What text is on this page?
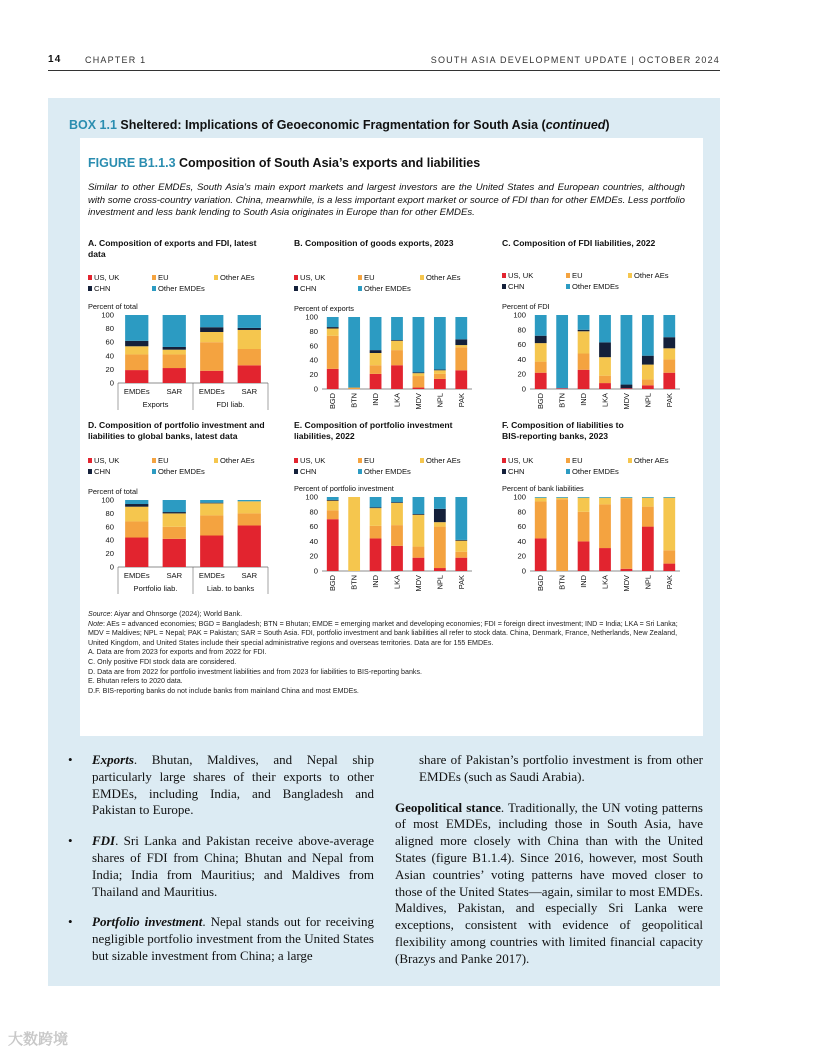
14	CHAPTER 1	SOUTH ASIA DEVELOPMENT UPDATE | OCTOBER 2024
BOX 1.1 Sheltered: Implications of Geoeconomic Fragmentation for South Asia (continued)
FIGURE B1.1.3 Composition of South Asia’s exports and liabilities
Similar to other EMDEs, South Asia’s main export markets and largest investors are the United States and European countries, although with some cross-country variation. China, meanwhile, is a less important export market or source of FDI than for other EMDEs. Less portfolio investment and less bank lending to South Asia originates in Europe than for other EMDEs.
A. Composition of exports and FDI, latest
data
US, UK	EU	Other AEs
CHN	Other EMDEs
Percent of total
0
20
40
60
80
100
EMDEs SAR EMDEs SAR
Exports	FDI liab.
B. Composition of goods exports, 2023
US, UK	EU	Other AEs
CHN	Other EMDEs
Percent of exports
0
20
40
60
80
100
BGD BTN IND LKA MDV NPL PAK
C. Composition of FDI liabilities, 2022
US, UK	EU	Other AEs
CHN	Other EMDEs
Percent of FDI
0
20
40
60
80
100
BGD BTN IND LKA MDV NPL PAK
D. Composition of portfolio investment and
liabilities to global banks, latest data
US, UK	EU	Other AEs
CHN	Other EMDEs
Percent of total
0
20
40
60
80
100
EMDEs SAR EMDEs SAR
Portfolio liab.	Liab. to banks
E. Composition of portfolio investment
liabilities, 2022
US, UK	EU	Other AEs
CHN	Other EMDEs
Percent of portfolio investment
0
20
40
60
80
100
BGD BTN IND LKA MDV NPL PAK
F. Composition of liabilities to
BIS-reporting banks, 2023
US, UK	EU	Other AEs
CHN	Other EMDEs
Percent of bank liabilities
0
20
40
60
80
100
BGD BTN IND LKA MDV NPL PAK

Source: Aiyar and Ohnsorge (2024); World Bank.

Note: AEs = advanced economies; BGD = Bangladesh; BTN = Bhutan; EMDE = emerging market and developing economies; FDI = foreign direct investment; IND = India; LKA = Sri Lanka; MDV = Maldives; NPL = Nepal; PAK = Pakistan; SAR = South Asia. FDI, portfolio investment and bank liabilities all refer to stock data. China, Denmark, France, Netherlands, New Zealand, United Kingdom, and United States include their special administrative regions and overseas territories. Data are for 155 EMDEs.

A. Data are from 2023 for exports and from 2022 for FDI.

C. Only positive FDI stock data are considered.

D. Data are from 2022 for portfolio investment liabilities and from 2023 for liabilities to BIS-reporting banks.

E. Bhutan refers to 2020 data.

D.F. BIS-reporting banks do not include banks from mainland China and most EMDEs.

• Exports. Bhutan, Maldives, and Nepal ship particularly large shares of their exports to other EMDEs, including India, and Bangladesh and Pakistan to Europe.
• FDI. Sri Lanka and Pakistan receive above-average shares of FDI from China; Bhutan and Nepal from India; India from Mauritius; and Maldives from Thailand and Mauritius.
• Portfolio investment. Nepal stands out for receiving negligible portfolio investment from the United States but sizable investment from China; a large

share of Pakistan’s portfolio investment is from other EMDEs (such as Saudi Arabia).

Geopolitical stance. Traditionally, the UN voting patterns of most EMDEs, including those in South Asia, have aligned more closely with China than with the United States (figure B1.1.4). Since 2016, however, most South Asian countries’ voting patterns have moved closer to those of the United States—again, similar to most EMDEs. Maldives, Pakistan, and especially Sri Lanka were exceptions, consistent with evidence of geopolitical flexibility among countries with limited financial capacity (Brazys and Panke 2017).

大数跨境
